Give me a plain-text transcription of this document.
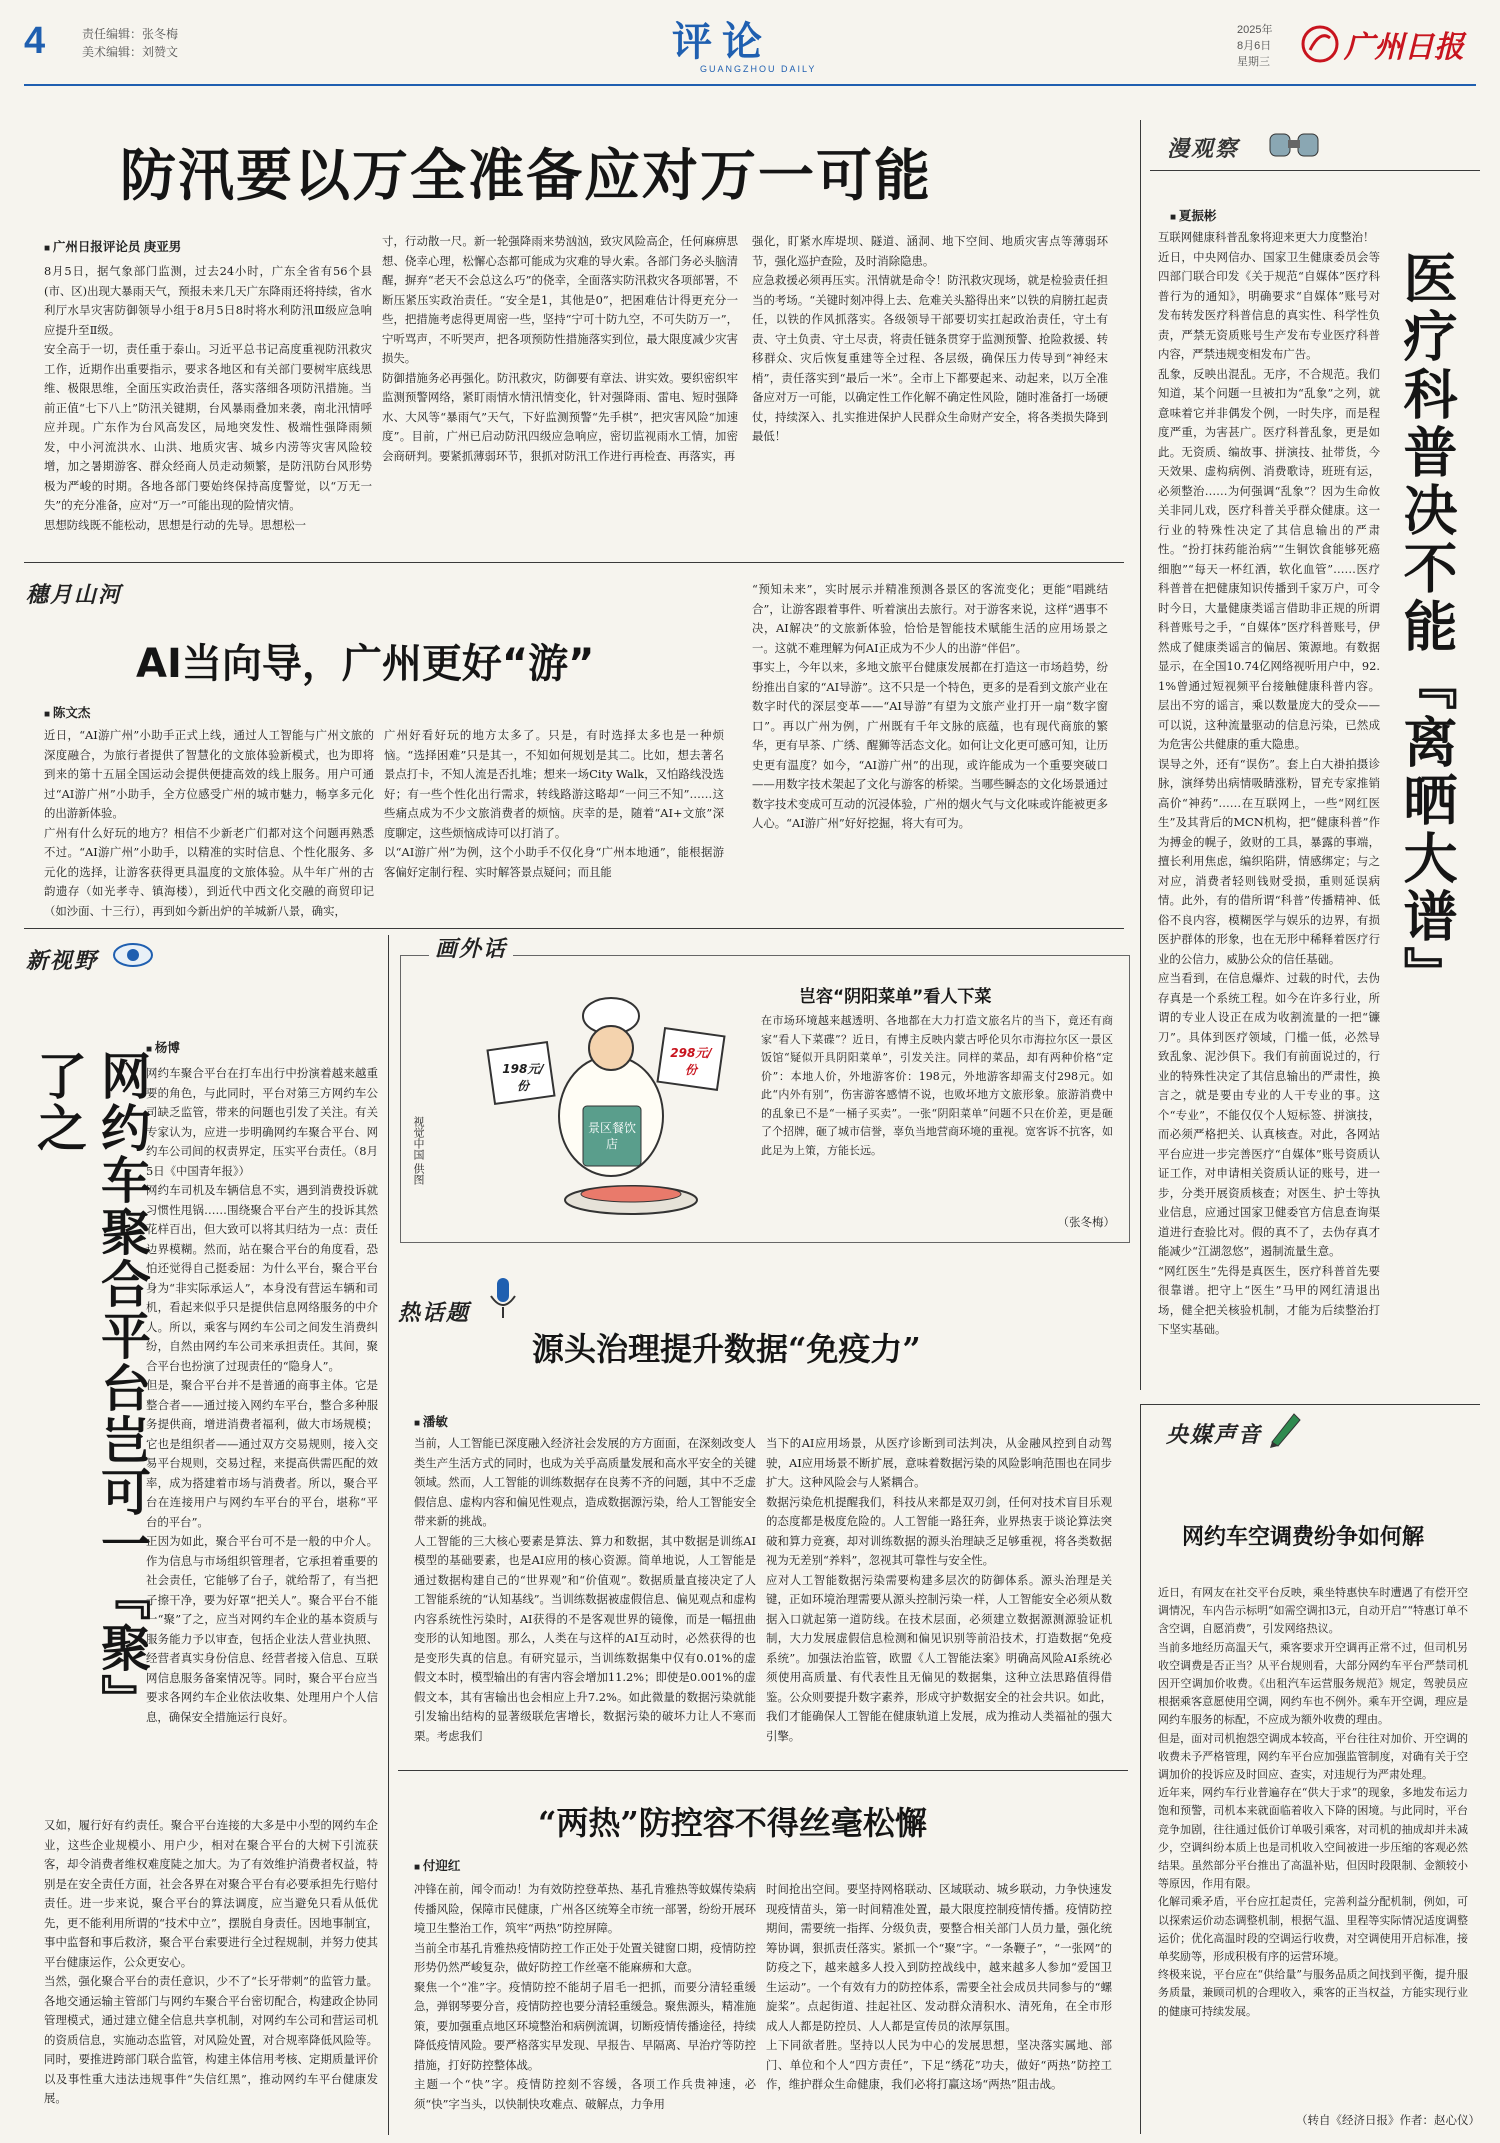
4	责任编辑：张冬梅
美术编辑：刘赞文	评论
GUANGZHOU DAILY
2025年
8月6日
星期三 广州日报
防汛要以万全准备应对万一可能
■ 广州日报评论员 庚亚男
8月5日，据气象部门监测，过去24小时，广东全省有56个县(市、区)出现大暴雨天气，预报未来几天广东降雨还将持续，省水利厅水旱灾害防御领导小组于8月5日8时将水利防汛Ⅲ级应急响应提升至Ⅱ级。
安全高于一切，责任重于泰山。习近平总书记高度重视防汛救灾工作，近期作出重要指示，要求各地区和有关部门要树牢底线思维、极限思维，全面压实政治责任，落实落细各项防汛措施。当前正值“七下八上”防汛关键期，台风暴雨叠加来袭，南北汛情呼应并现。广东作为台风高发区，局地突发性、极端性强降雨频发，中小河流洪水、山洪、地质灾害、城乡内涝等灾害风险较增，加之暑期游客、群众经商人员走动频繁，是防汛防台风形势极为严峻的时期。各地各部门要始终保持高度警觉，以“万无一失”的充分准备，应对“万一”可能出现的险情灾情。
思想防线既不能松动，思想是行动的先导。思想松一
寸，行动散一尺。新一轮强降雨来势汹汹，致灾风险高企，任何麻痹思想、侥幸心理，松懈心态都可能成为灾难的导火索。各部门务必头脑清醒，摒弃“老天不会总这么巧”的侥幸，全面落实防汛救灾各项部署，不断压紧压实政治责任。“安全是1，其他是0”，把困难估计得更充分一些，把措施考虑得更周密一些，坚持“宁可十防九空，不可失防万一”，宁听骂声，不听哭声，把各项预防性措施落实到位，最大限度减少灾害损失。
防御措施务必再强化。防汛救灾，防御要有章法、讲实效。要织密织牢监测预警网络，紧盯雨情水情汛情变化，针对强降雨、雷电、短时强降水、大风等“暴雨气”天气，下好监测预警“先手棋”，把灾害风险“加速度”。目前，广州已启动防汛四级应急响应，密切监视雨水工情，加密会商研判。要紧抓薄弱环节，狠抓对防汛工作进行再检查、再落实，再
强化，盯紧水库堤坝、隧道、涵洞、地下空间、地质灾害点等薄弱环节，强化巡护查险，及时消除隐患。
应急救援必须再压实。汛情就是命令！防汛救灾现场，就是检验责任担当的考场。“关键时刻冲得上去、危难关头豁得出来”以铁的肩膀扛起责任，以铁的作风抓落实。各级领导干部要切实扛起政治责任，守土有责、守土负责、守土尽责，将责任链条贯穿于监测预警、抢险救援、转移群众、灾后恢复重建等全过程、各层级，确保压力传导到“神经末梢”，责任落实到“最后一米”。全市上下都要起来、动起来，以万全准备应对万一可能，以确定性工作化解不确定性风险，随时准备打一场硬仗，持续深入、扎实推进保护人民群众生命财产安全，将各类损失降到最低！
漫观察
■ 夏振彬
医疗科普决不能『离晒大谱』
互联网健康科普乱象将迎来更大力度整治！
近日，中央网信办、国家卫生健康委员会等四部门联合印发《关于规范“自媒体”医疗科普行为的通知》，明确要求“自媒体”账号对发布转发医疗科普信息的真实性、科学性负责，严禁无资质账号生产发布专业医疗科普内容，严禁违规变相发布广告。
乱象，反映出混乱。无序，不合规范。我们知道，某个问题一旦被扣为“乱象”之列，就意味着它并非偶发个例，一时失序，而是程度严重，为害甚广。医疗科普乱象，更是如此。无资质、编故事、拼演技、扯带货，今天效果、虚构病例、消费歌诗，班班有运，必须整治……为何强调“乱象”？因为生命攸关非同儿戏，医疗科普关乎群众健康。这一行业的特殊性决定了其信息输出的严肃性。“扮打抹药能治病”“生铜饮食能够死癌细胞”“每天一杯红酒，软化血管”……医疗科普普在把健康知识传播到千家万户，可令时今日，大量健康类谣言借助非正规的所谓科普账号之手，“自媒体”医疗科普账号，伊然成了健康类谣言的偏居、策源地。有数据显示，在全国10.74亿网络视听用户中，92.1%曾通过短视频平台接触健康科普内容。层出不穷的谣言，乘以数量庞大的受众——可以说，这种流量驱动的信息污染，已然成为危害公共健康的重大隐患。
误导之外，还有“误伤”。套上白大褂拍摄诊脉，演绎势出病情吸睛涨粉，冒充专家推销高价“神药”……在互联网上，一些“网红医生”及其背后的MCN机构，把“健康科普”作为搏金的幌子，敛财的工具，暴露的事端，擅长利用焦虑，编织陷阱，情感绑定；与之对应，消费者轻则钱财受损，重则延误病情。此外，有的借所谓“科普”传播精神、低俗不良内容，模糊医学与娱乐的边界，有损医护群体的形象，也在无形中稀释着医疗行业的公信力，威胁公众的信任基础。
应当看到，在信息爆炸、过载的时代，去伪存真是一个系统工程。如今在许多行业，所谓的专业人设正在成为收割流量的一把“镰刀”。具体到医疗领域，门槛一低，必然导致乱象、泥沙俱下。我们有前面说过的，行业的特殊性决定了其信息输出的严肃性，换言之，就是要由专业的人干专业的事。这个“专业”，不能仅仅个人短标签、拼演技，而必须严格把关、认真核查。对此，各网站平台应进一步完善医疗“自媒体”账号资质认证工作，对申请相关资质认证的账号，进一步，分类开展资质核查；对医生、护士等执业信息，应通过国家卫健委官方信息查询渠道进行查验比对。假的真不了，去伪存真才能减少“江湖忽悠”，遏制流量生意。
“网红医生”先得是真医生，医疗科普首先要很靠谱。把守上“医生”马甲的网红清退出场，健全把关核验机制，才能为后续整治打下坚实基础。
穗月山河
AI当向导，广州更好“游”
■ 陈文杰
近日，“AI游广州”小助手正式上线，通过人工智能与广州文旅的深度融合，为旅行者提供了智慧化的文旅体验新模式，也为即将到来的第十五届全国运动会提供便捷高效的线上服务。用户可通过“AI游广州”小助手，全方位感受广州的城市魅力，畅享多元化的出游新体验。
广州有什么好玩的地方？相信不少新老广们都对这个问题再熟悉不过。“AI游广州”小助手，以精准的实时信息、个性化服务、多元化的选择，让游客获得更具温度的文旅体验。从牛年广州的古韵遗存（如光孝寺、镇海楼），到近代中西文化交融的商贸印记（如沙面、十三行），再到如今新出炉的羊城新八景，确实，
广州好看好玩的地方太多了。只是，有时选择太多也是一种烦恼。“选择困难”只是其一，不知如何规划是其二。比如，想去著名景点打卡，不知人流是否扎堆；想来一场City Walk，又怕路线没选好；有一些个性化出行需求，转线路游这略却“一问三不知”……这些痛点成为不少文旅消费者的烦恼。庆幸的是，随着“AI+文旅”深度聊定，这些烦恼成诗可以打消了。
以“AI游广州”为例，这个小助手不仅化身“广州本地通”，能根据游客偏好定制行程、实时解答景点疑问；而且能
“预知未来”，实时展示并精准预测各景区的客流变化；更能“唱跳结合”，让游客跟着事件、听着演出去旅行。对于游客来说，这样“遇事不决，AI解决”的文旅新体验，恰恰是智能技术赋能生活的应用场景之一。这就不难理解为何AI正成为不少人的出游“伴侣”。
事实上，今年以来，多地文旅平台健康发展都在打造这一市场趋势，纷纷推出自家的“AI导游”。这不只是一个特色，更多的是看到文旅产业在数字时代的深层变革——“AI导游”有望为文旅产业打开一扇“数字窗口”。再以广州为例，广州既有千年文脉的底蕴，也有现代商旅的繁华，更有早茶、广绣、醒狮等活态文化。如何让文化更可感可知，让历史更有温度？如今，“AI游广州”的出现，或许能成为一个重要突破口——用数字技术架起了文化与游客的桥梁。当哪些瞬态的文化场景通过数字技术变成可互动的沉浸体验，广州的烟火气与文化味或许能被更多人心。“AI游广州”好好挖掘，将大有可为。
新视野
网约车聚合平台岂可一『聚』了之
■ 杨博
网约车聚合平台在打车出行中扮演着越来越重要的角色，与此同时，平台对第三方网约车公司缺乏监管，带来的问题也引发了关注。有关专家认为，应进一步明确网约车聚合平台、网约车公司间的权责界定，压实平台责任。（8月5日《中国青年报》）
网约车司机及车辆信息不实，遇到消费投诉就习惯性甩锅……围绕聚合平台产生的投诉其然花样百出，但大致可以将其归结为一点：责任边界模糊。然而，站在聚合平台的角度看，恐怕还觉得自己挺委屈：为什么平台，聚合平台身为“非实际承运人”，本身没有营运车辆和司机，看起来似乎只是提供信息网络服务的中介人。所以，乘客与网约车公司之间发生消费纠纷，自然由网约车公司来承担责任。其间，聚合平台也扮演了过现责任的“隐身人”。
但是，聚合平台并不是普通的商事主体。它是整合者——通过接入网约车平台，整合多种服务提供商，增进消费者福利，做大市场规模；它也是组织者——通过双方交易规则，接入交易平台规则，交易过程，来提高供需匹配的效率，成为搭建着市场与消费者。所以，聚合平台在连接用户与网约车平台的平台，堪称“平台的平台”。
正因为如此，聚合平台可不是一般的中介人。作为信息与市场组织管理者，它承担着重要的社会责任，它能够了台子，就给帮了，有当把子擦干净，要为好罩“把关人”。聚合平台不能一“聚”了之，应当对网约车企业的基本资质与服务能力予以审查，包括企业法人营业执照、经营者真实身份信息、经营者接入信息、互联网信息服务备案情况等。同时，聚合平台应当要求各网约车企业依法收集、处理用户个人信息，确保安全措施运行良好。
又如，履行好有约责任。聚合平台连接的大多是中小型的网约车企业，这些企业规模小、用户少，相对在聚合平台的大树下引流获客，却令消费者维权难度陡之加大。为了有效维护消费者权益，特别是在安全责任方面，社会各界在对聚合平台有必要承担先行赔付责任。进一步来说，聚合平台的算法调度，应当避免只看从低优先，更不能利用所谓的“技术中立”，摆脱自身责任。因地事制宜，事中监督和事后救济，聚合平台索要进行全过程规制，并努力使其平台健康运作，公众更安心。
当然，强化聚合平台的责任意识，少不了“长牙带刺”的监管力量。各地交通运输主管部门与网约车聚合平台密切配合，构建政企协同管理模式，通过建立健全信息共享机制，对网约车公司和营运司机的资质信息，实施动态监管，对风险处置，对合规率降低风险等。同时，要推进跨部门联合监管，构建主体信用考核、定期质量评价以及事性重大违法违规事件“失信红黑”，推动网约车平台健康发展。
画外话
198元/份
298元/份
景区餐饮店
视觉中国 供图
岂容“阴阳菜单”看人下菜
在市场环境越来越透明、各地都在大力打造文旅名片的当下，竟还有商家“看人下菜碟”？近日，有博主反映内蒙古呼伦贝尔市海拉尔区一景区饭馆“疑似开具阴阳菜单”，引发关注。同样的菜品，却有两种价格“定价”：本地人价，外地游客价：198元，外地游客却需支付298元。如此“内外有别”，伤害游客感情不说，也败坏地方文旅形象。旅游消费中的乱象已不是“一桶子买卖”。一张“阴阳菜单”问题不只在价差，更是砸了个招牌，砸了城市信誉，辜负当地营商环境的重视。宽客诉不抗客，如此足为上策，方能长远。
（张冬梅）
热话题
源头治理提升数据“免疫力”
■ 潘敏
当前，人工智能已深度融入经济社会发展的方方面面，在深刻改变人类生产生活方式的同时，也成为关乎高质量发展和高水平安全的关键领域。然而，人工智能的训练数据存在良莠不齐的问题，其中不乏虚假信息、虚构内容和偏见性观点，造成数据源污染，给人工智能安全带来新的挑战。
人工智能的三大核心要素是算法、算力和数据，其中数据是训练AI模型的基础要素，也是AI应用的核心资源。简单地说，人工智能是通过数据构建自己的“世界观”和“价值观”。数据质量直接决定了人工智能系统的“认知基线”。当训练数据被虚假信息、偏见观点和虚构内容系统性污染时，AI获得的不是客观世界的镜像，而是一幅扭曲变形的认知地图。那么，人类在与这样的AI互动时，必然获得的也是变形失真的信息。有研究显示，当训练数据集中仅有0.01%的虚假文本时，模型输出的有害内容会增加11.2%；即使是0.001%的虚假文本，其有害输出也会相应上升7.2%。如此微量的数据污染就能引发输出结构的显著级联危害增长，数据污染的破坏力让人不寒而栗。考虑我们
当下的AI应用场景，从医疗诊断到司法判决，从金融风控到自动驾驶，AI应用场景不断扩展，意味着数据污染的风险影响范围也在同步扩大。这种风险会与人紧耦合。
数据污染危机提醒我们，科技从来都是双刃剑，任何对技术盲目乐观的态度都是极度危险的。人工智能一路狂奔，业界热衷于谈论算法突破和算力竞赛，却对训练数据的源头治理缺乏足够重视，将各类数据视为无差别“养料”，忽视其可靠性与安全性。
应对人工智能数据污染需要构建多层次的防御体系。源头治理是关键，正如环境治理需要从源头控制污染一样，人工智能安全必须从数据入口就起第一道防线。在技术层面，必须建立数据源测源验证机制，大力发展虚假信息检测和偏见识别等前沿技术，打造数据“免疫系统”。加强法治监管，欧盟《人工智能法案》明确高风险AI系统必须使用高质量、有代表性且无偏见的数据集，这种立法思路值得借鉴。公众则要提升数字素养，形成守护数据安全的社会共识。如此，我们才能确保人工智能在健康轨道上发展，成为推动人类福祉的强大引擎。
“两热”防控容不得丝毫松懈
■ 付迎红
冲锋在前，闻令而动！为有效防控登革热、基孔肯雅热等蚊媒传染病传播风险，保障市民健康，广州各区统筹全市统一部署，纷纷开展环境卫生整治工作，筑牢“两热”防控屏障。
当前全市基孔肯雅热疫情防控工作正处于处置关键窗口期，疫情防控形势仍然严峻复杂，做好防控工作丝毫不能麻痹和大意。
聚焦一个“准”字。疫情防控不能胡子眉毛一把抓，而要分清轻重缓急，弹钢琴要分音，疫情防控也要分清轻重缓急。聚焦源头，精准施策，要加强重点地区环境整治和病例流调，切断疫情传播途径，持续降低疫情风险。要严格落实早发现、早报告、早隔离、早治疗等防控措施，打好防控整体战。
主题一个“快”字。疫情防控刻不容缓，各项工作兵贵神速，必须“快”字当头，以快制快攻难点、破解点，力争用
时间抢出空间。要坚持网格联动、区域联动、城乡联动，力争快速发现疫情苗头，第一时间精准处置，最大限度控制疫情传播。疫情防控期间，需要统一指挥、分级负责，要整合相关部门人员力量，强化统筹协调，狠抓责任落实。紧抓一个“聚”字。“一条鞭子”，“一张网”的防疫之下，越来越多人投入到防控战线中，越来越多人参加“爱国卫生运动”。一个有效有力的防控体系，需要全社会成员共同参与的“螺旋桨”。点起街道、挂起社区、发动群众清积水、清死角，在全市形成人人都是防控员、人人都是宣传员的浓厚氛围。
上下同欲者胜。坚持以人民为中心的发展思想，坚决落实属地、部门、单位和个人“四方责任”，下足“绣花”功夫，做好“两热”防控工作，维护群众生命健康，我们必将打赢这场“两热”阻击战。
央媒声音
网约车空调费纷争如何解
近日，有网友在社交平台反映，乘坐特惠快车时遭遇了有偿开空调情况，车内告示标明“如需空调扣3元，自动开启”“特惠订单不含空调，自愿消费”，引发网络热议。
当前多地经历高温天气，乘客要求开空调再正常不过，但司机另收空调费是否正当？从平台规则看，大部分网约车平台严禁司机因开空调加价收费。《出租汽车运营服务规范》规定，驾驶员应根据乘客意愿使用空调，网约车也不例外。乘车开空调，理应是网约车服务的标配，不应成为额外收费的理由。
但是，面对司机抱怨空调成本较高，平台往往对加价、开空调的收费未予严格管理，网约车平台应加强监管制度，对确有关于空调加价的投诉应及时回应、查实，对违规行为严肃处理。
近年来，网约车行业普遍存在“供大于求”的现象，多地发布运力饱和预警，司机本来就面临着收入下降的困境。与此同时，平台竞争加剧，往往通过低价订单吸引乘客，对司机的抽成却并未减少，空调纠纷本质上也是司机收入空间被进一步压缩的客观必然结果。虽然部分平台推出了高温补贴，但因时段限制、金额较小等原因，作用有限。
化解司乘矛盾，平台应扛起责任，完善利益分配机制，例如，可以探索运价动态调整机制，根据气温、里程等实际情况适度调整运价；优化高温时段的空调运行收费，对空调使用开启标准，接单奖励等，形成积极有序的运营环境。
终极来说，平台应在“供给量”与服务品质之间找到平衡，提升服务质量，兼顾司机的合理收入，乘客的正当权益，方能实现行业的健康可持续发展。
（转自《经济日报》作者：赵心仪）
